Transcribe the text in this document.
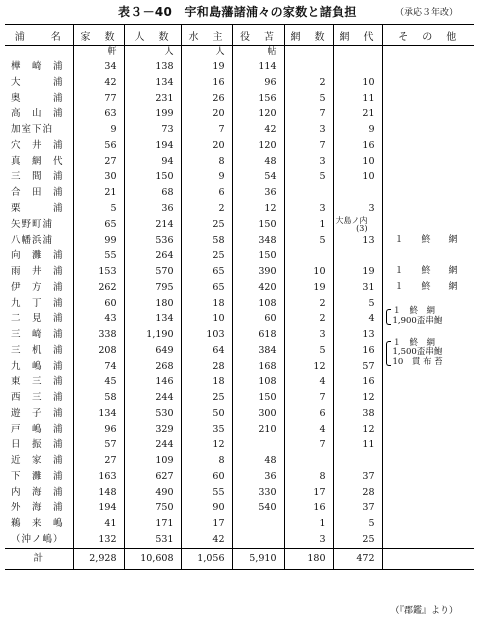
表３－40　宇和島藩諸浦々の家数と諸負担	（承応３年改）
浦　　名	家　数	人　数	水　主	役　苫	網　数	網　代	そ　の　他
	軒	人	人	帖			
樺　崎　浦	34	138	19	114			
大　　　浦	42	134	16	96	2	10	
奥　　　浦	77	231	26	156	5	11	
高　山　浦	63	199	20	120	7	21	
加室下泊	9	73	7	42	3	9	
穴　井　浦	56	194	20	120	7	16	
真　網　代	27	94	8	48	3	10	
三　間　浦	30	150	9	54	5	10	
合　田　浦	21	68	6	36			
栗　　　浦	5	36	2	12	3	3	
矢野町浦	65	214	25	150	1	大島ノ内
(3)	

八幡浜浦	99	536	58	348	5	13	１　　鮗　　網
向　灘　浦	55	264	25	150			
雨　井　浦	153	570	65	390	10	19	１　　鮗　　網
伊　方　浦	262	795	65	420	19	31	１　　鮗　　網
九　丁　浦	60	180	18	108	2	5	
二　見　浦	43	134	10	60	2	4	１　鮗　網
1,900盃串鮑

三　崎　浦	338	1,190	103	618	3	13	
三　机　浦	208	649	64	384	5	16	１　鮗　網
1,500盃串鮑
10　貫 布 苔

九　嶋　浦	74	268	28	168	12	57	
東　三　浦	45	146	18	108	4	16	
西　三　浦	58	244	25	150	7	12	
遊　子　浦	134	530	50	300	6	38	
戸　嶋　浦	96	329	35	210	4	12	
日　振　浦	57	244	12		7	11	
近　家　浦	27	109	8	48			
下　灘　浦	163	627	60	36	8	37	
内　海　浦	148	490	55	330	17	28	
外　海　浦	194	750	90	540	16	37	
鵜　来　嶋	41	171	17		1	5	
（沖ノ嶋）	132	531	42		3	25	
計	2,928	10,608	1,056	5,910	180	472	
（『郡鑑』より）
